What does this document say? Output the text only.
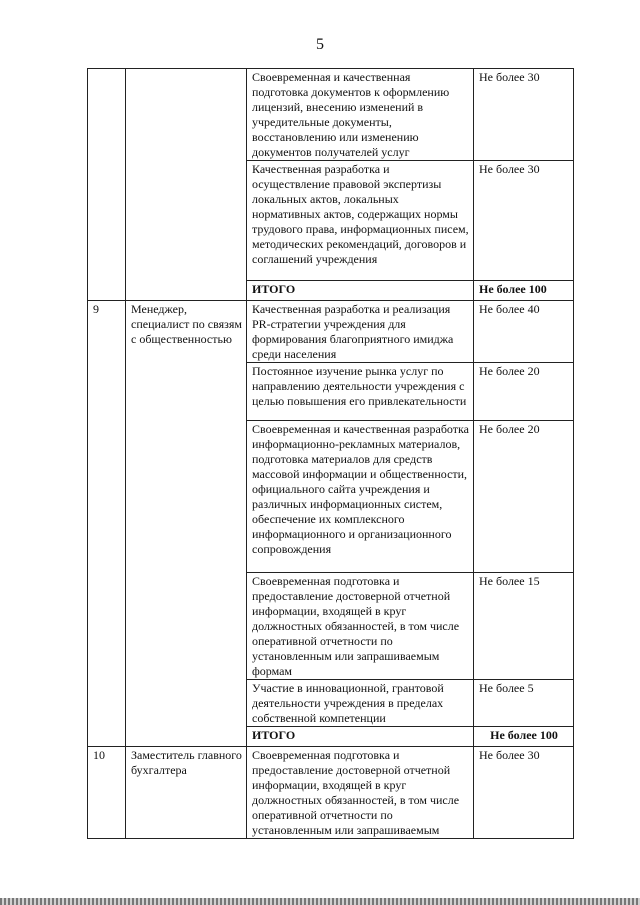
5
		Своевременная и качественная подготовка документов к оформлению лицензий, внесению изменений в учредительные документы, восстановлению или изменению документов получателей услуг	Не более 30
		Качественная разработка и осуществление правовой экспертизы локальных актов, локальных нормативных актов, содержащих нормы трудового права, информационных писем, методических рекомендаций, договоров и соглашений учреждения	Не более 30
		ИТОГО	Не более 100
9	Менеджер, специалист по связям с общественностью	Качественная разработка и реализация PR-стратегии учреждения для формирования благоприятного имиджа среди населения	Не более 40
		Постоянное изучение рынка услуг по направлению деятельности учреждения с целью повышения его привлекательности	Не более 20
		Своевременная и качественная разработка информационно-рекламных материалов, подготовка материалов для средств массовой информации и общественности, официального сайта учреждения и различных информационных систем, обеспечение их комплексного информационного и организационного сопровождения	Не более 20
		Своевременная подготовка и предоставление достоверной отчетной информации, входящей в круг должностных обязанностей, в том числе оперативной отчетности по установленным или запрашиваемым формам	Не более 15
		Участие в инновационной, грантовой деятельности учреждения в пределах собственной компетенции	Не более 5
		ИТОГО	Не более 100
10	Заместитель главного бухгалтера	Своевременная подготовка и предоставление достоверной отчетной информации, входящей в круг должностных обязанностей, в том числе оперативной отчетности по установленным или запрашиваемым	Не более 30
